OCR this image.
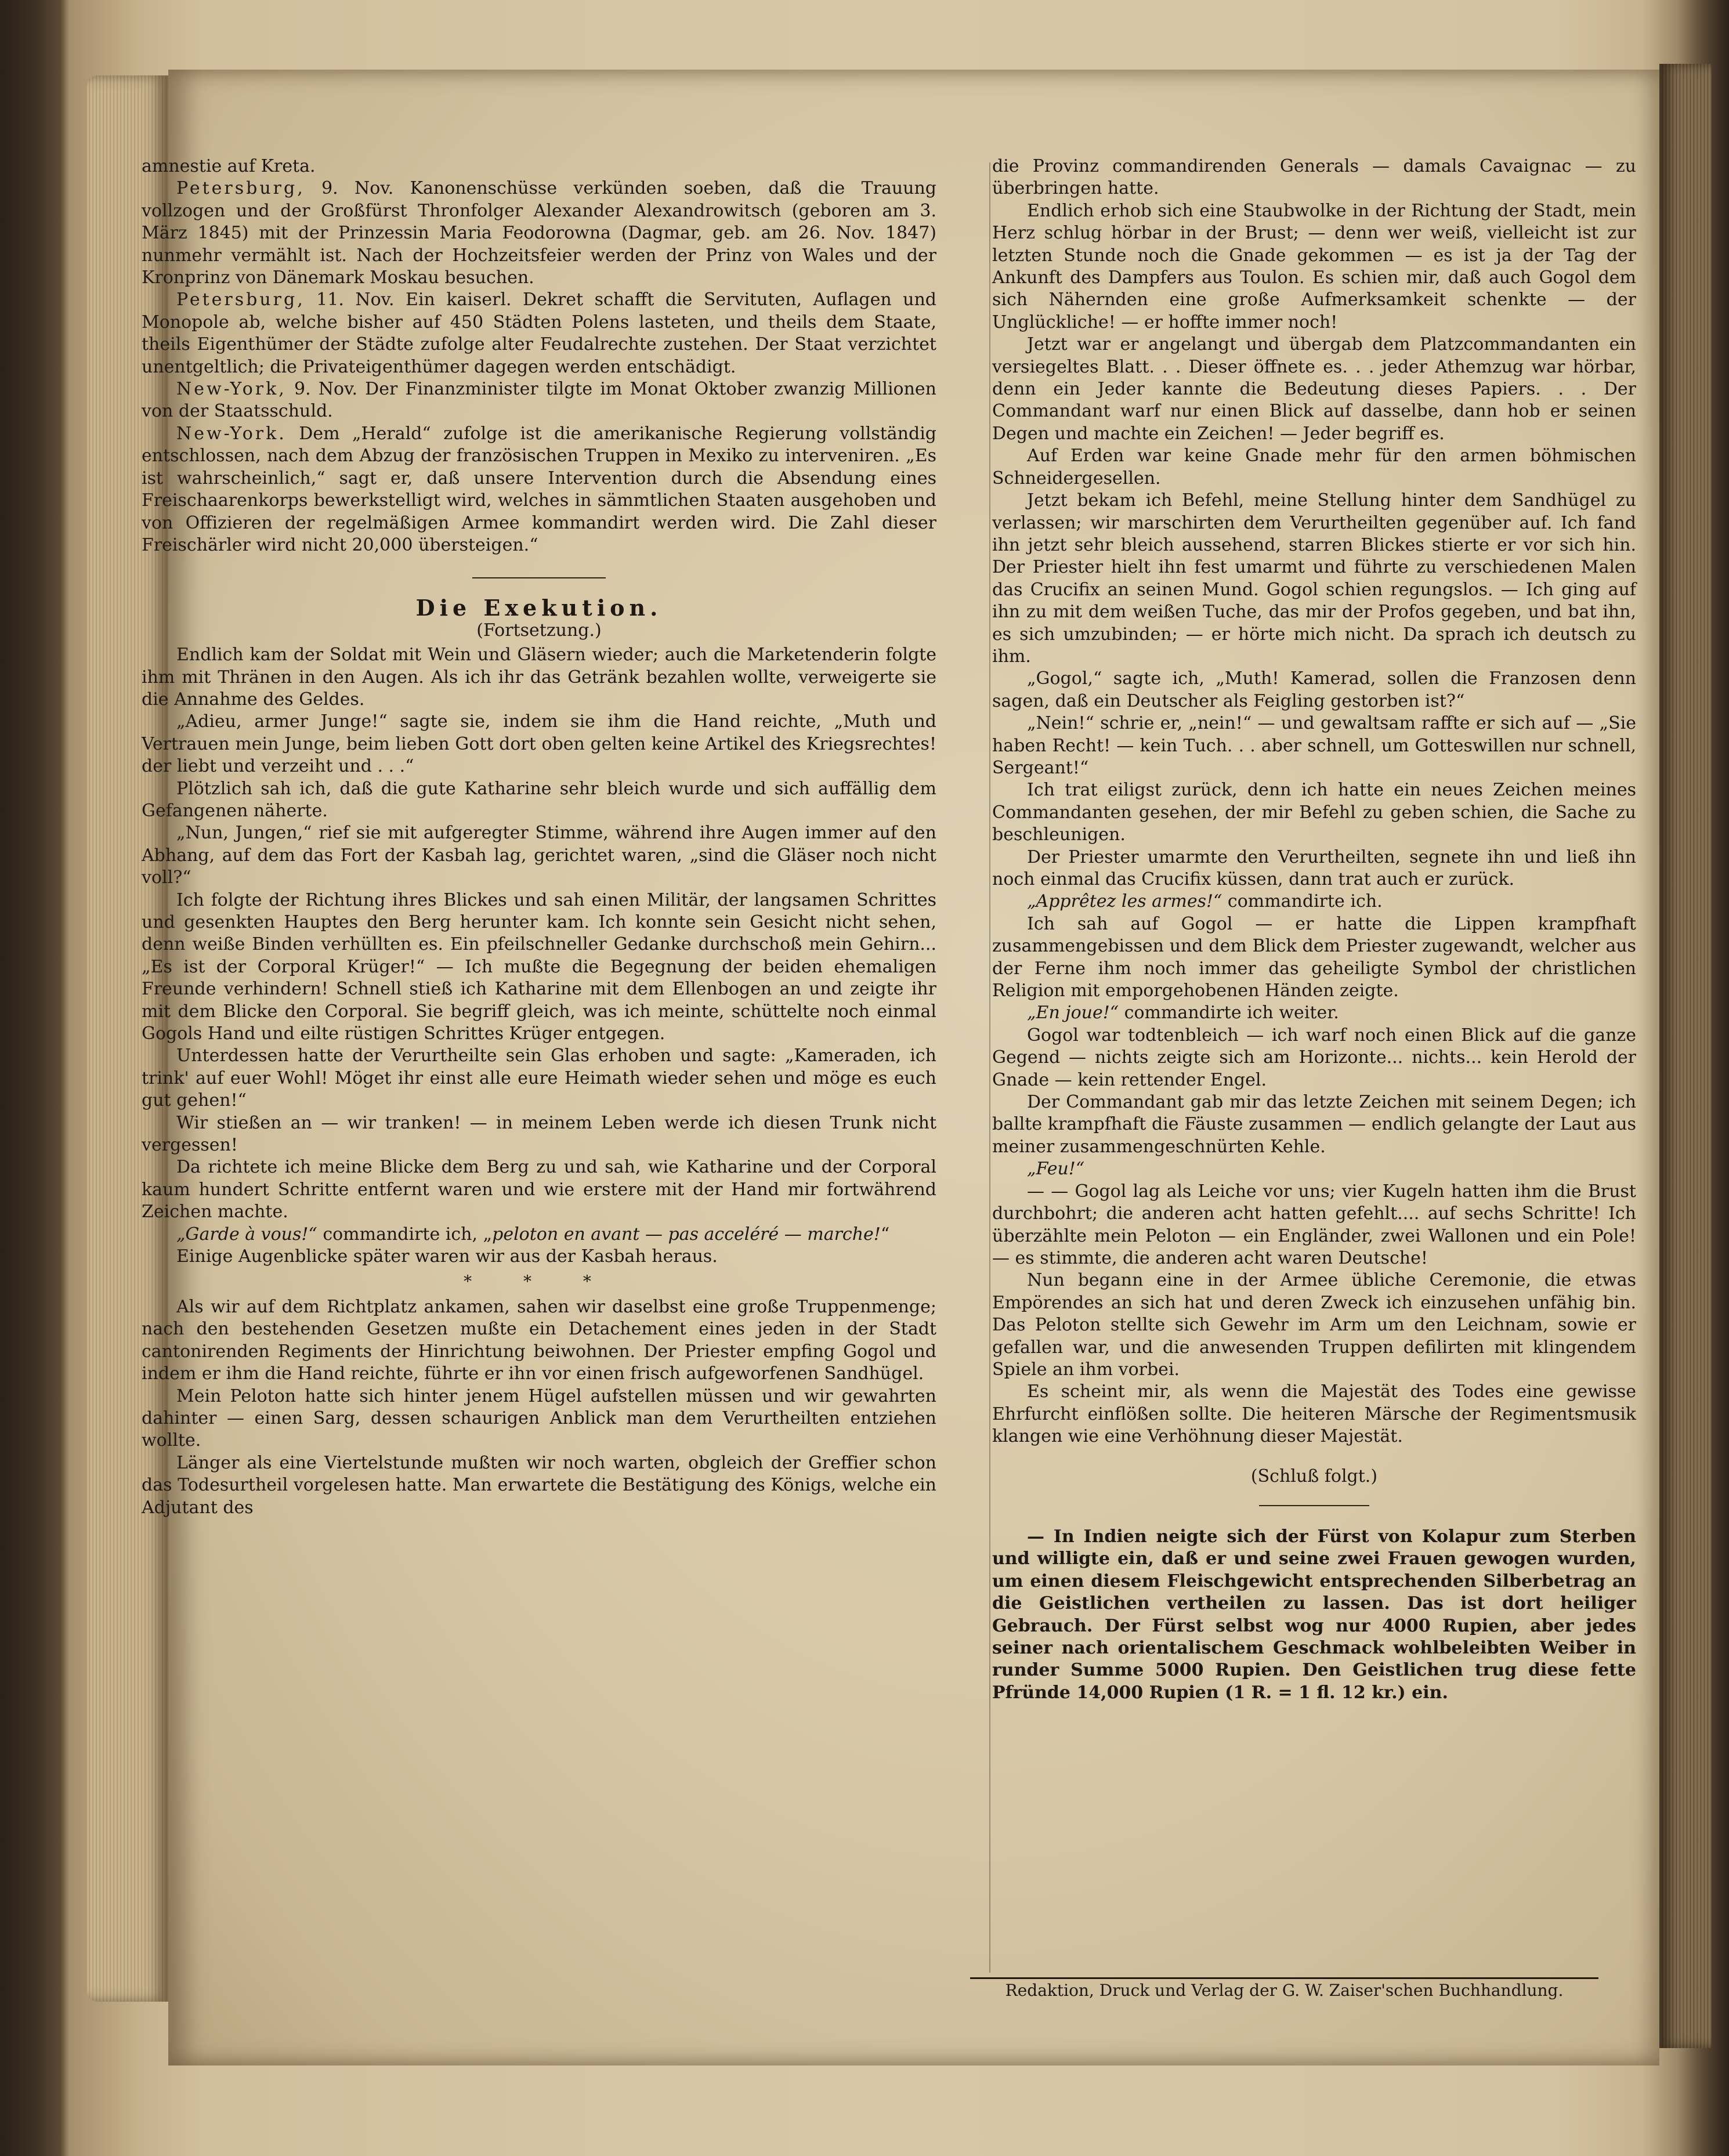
amnestie auf Kreta.

Petersburg, 9. Nov. Kanonenschüsse verkünden soeben, daß die Trauung vollzogen und der Großfürst Thronfolger Alexander Alexandrowitsch (geboren am 3. März 1845) mit der Prinzessin Maria Feodorowna (Dagmar, geb. am 26. Nov. 1847) nunmehr vermählt ist. Nach der Hochzeitsfeier werden der Prinz von Wales und der Kronprinz von Dänemark Moskau besuchen.

Petersburg, 11. Nov. Ein kaiserl. Dekret schafft die Servituten, Auflagen und Monopole ab, welche bisher auf 450 Städten Polens lasteten, und theils dem Staate, theils Eigenthümer der Städte zufolge alter Feudalrechte zustehen. Der Staat verzichtet unentgeltlich; die Privateigenthümer dagegen werden entschädigt.

New-York, 9. Nov. Der Finanzminister tilgte im Monat Oktober zwanzig Millionen von der Staatsschuld.

New-York. Dem „Herald“ zufolge ist die amerikanische Regierung vollständig entschlossen, nach dem Abzug der französischen Truppen in Mexiko zu interveniren. „Es ist wahrscheinlich,“ sagt er, daß unsere Intervention durch die Absendung eines Freischaarenkorps bewerkstelligt wird, welches in sämmtlichen Staaten ausgehoben und von Offizieren der regelmäßigen Armee kommandirt werden wird. Die Zahl dieser Freischärler wird nicht 20,000 übersteigen.“

Die Exekution.

(Fortsetzung.)

Endlich kam der Soldat mit Wein und Gläsern wieder; auch die Marketenderin folgte ihm mit Thränen in den Augen. Als ich ihr das Getränk bezahlen wollte, verweigerte sie die Annahme des Geldes.

„Adieu, armer Junge!“ sagte sie, indem sie ihm die Hand reichte, „Muth und Vertrauen mein Junge, beim lieben Gott dort oben gelten keine Artikel des Kriegsrechtes! der liebt und verzeiht und . . .“

Plötzlich sah ich, daß die gute Katharine sehr bleich wurde und sich auffällig dem Gefangenen näherte.

„Nun, Jungen,“ rief sie mit aufgeregter Stimme, während ihre Augen immer auf den Abhang, auf dem das Fort der Kasbah lag, gerichtet waren, „sind die Gläser noch nicht voll?“

Ich folgte der Richtung ihres Blickes und sah einen Militär, der langsamen Schrittes und gesenkten Hauptes den Berg herunter kam. Ich konnte sein Gesicht nicht sehen, denn weiße Binden verhüllten es. Ein pfeilschneller Gedanke durchschoß mein Gehirn... „Es ist der Corporal Krüger!“ — Ich mußte die Begegnung der beiden ehemaligen Freunde verhindern! Schnell stieß ich Katharine mit dem Ellenbogen an und zeigte ihr mit dem Blicke den Corporal. Sie begriff gleich, was ich meinte, schüttelte noch einmal Gogols Hand und eilte rüstigen Schrittes Krüger entgegen.

Unterdessen hatte der Verurtheilte sein Glas erhoben und sagte: „Kameraden, ich trink' auf euer Wohl! Möget ihr einst alle eure Heimath wieder sehen und möge es euch gut gehen!“

Wir stießen an — wir tranken! — in meinem Leben werde ich diesen Trunk nicht vergessen!

Da richtete ich meine Blicke dem Berg zu und sah, wie Katharine und der Corporal kaum hundert Schritte entfernt waren und wie erstere mit der Hand mir fortwährend Zeichen machte.

„Garde à vous!“ commandirte ich, „peloton en avant — pas acceléré — marche!“

Einige Augenblicke später waren wir aus der Kasbah heraus.

* * *

Als wir auf dem Richtplatz ankamen, sahen wir daselbst eine große Truppenmenge; nach den bestehenden Gesetzen mußte ein Detachement eines jeden in der Stadt cantonirenden Regiments der Hinrichtung beiwohnen. Der Priester empfing Gogol und indem er ihm die Hand reichte, führte er ihn vor einen frisch aufgeworfenen Sandhügel.

Mein Peloton hatte sich hinter jenem Hügel aufstellen müssen und wir gewahrten dahinter — einen Sarg, dessen schaurigen Anblick man dem Verurtheilten entziehen wollte.

Länger als eine Viertelstunde mußten wir noch warten, obgleich der Greffier schon das Todesurtheil vorgelesen hatte. Man erwartete die Bestätigung des Königs, welche ein Adjutant des

die Provinz commandirenden Generals — damals Cavaignac — zu überbringen hatte.

Endlich erhob sich eine Staubwolke in der Richtung der Stadt, mein Herz schlug hörbar in der Brust; — denn wer weiß, vielleicht ist zur letzten Stunde noch die Gnade gekommen — es ist ja der Tag der Ankunft des Dampfers aus Toulon. Es schien mir, daß auch Gogol dem sich Nähernden eine große Aufmerksamkeit schenkte — der Unglückliche! — er hoffte immer noch!

Jetzt war er angelangt und übergab dem Platzcommandanten ein versiegeltes Blatt. . . Dieser öffnete es. . . jeder Athemzug war hörbar, denn ein Jeder kannte die Bedeutung dieses Papiers. . . Der Commandant warf nur einen Blick auf dasselbe, dann hob er seinen Degen und machte ein Zeichen! — Jeder begriff es.

Auf Erden war keine Gnade mehr für den armen böhmischen Schneidergesellen.

Jetzt bekam ich Befehl, meine Stellung hinter dem Sandhügel zu verlassen; wir marschirten dem Verurtheilten gegenüber auf. Ich fand ihn jetzt sehr bleich aussehend, starren Blickes stierte er vor sich hin. Der Priester hielt ihn fest umarmt und führte zu verschiedenen Malen das Crucifix an seinen Mund. Gogol schien regungslos. — Ich ging auf ihn zu mit dem weißen Tuche, das mir der Profos gegeben, und bat ihn, es sich umzubinden; — er hörte mich nicht. Da sprach ich deutsch zu ihm.

„Gogol,“ sagte ich, „Muth! Kamerad, sollen die Franzosen denn sagen, daß ein Deutscher als Feigling gestorben ist?“

„Nein!“ schrie er, „nein!“ — und gewaltsam raffte er sich auf — „Sie haben Recht! — kein Tuch. . . aber schnell, um Gotteswillen nur schnell, Sergeant!“

Ich trat eiligst zurück, denn ich hatte ein neues Zeichen meines Commandanten gesehen, der mir Befehl zu geben schien, die Sache zu beschleunigen.

Der Priester umarmte den Verurtheilten, segnete ihn und ließ ihn noch einmal das Crucifix küssen, dann trat auch er zurück.

„Apprêtez les armes!“ commandirte ich.

Ich sah auf Gogol — er hatte die Lippen krampfhaft zusammengebissen und dem Blick dem Priester zugewandt, welcher aus der Ferne ihm noch immer das geheiligte Symbol der christlichen Religion mit emporgehobenen Händen zeigte.

„En joue!“ commandirte ich weiter.

Gogol war todtenbleich — ich warf noch einen Blick auf die ganze Gegend — nichts zeigte sich am Horizonte... nichts... kein Herold der Gnade — kein rettender Engel.

Der Commandant gab mir das letzte Zeichen mit seinem Degen; ich ballte krampfhaft die Fäuste zusammen — endlich gelangte der Laut aus meiner zusammengeschnürten Kehle.

„Feu!“

— — Gogol lag als Leiche vor uns; vier Kugeln hatten ihm die Brust durchbohrt; die anderen acht hatten gefehlt.... auf sechs Schritte! Ich überzählte mein Peloton — ein Engländer, zwei Wallonen und ein Pole! — es stimmte, die anderen acht waren Deutsche!

Nun begann eine in der Armee übliche Ceremonie, die etwas Empörendes an sich hat und deren Zweck ich einzusehen unfähig bin. Das Peloton stellte sich Gewehr im Arm um den Leichnam, sowie er gefallen war, und die anwesenden Truppen defilirten mit klingendem Spiele an ihm vorbei.

Es scheint mir, als wenn die Majestät des Todes eine gewisse Ehrfurcht einflößen sollte. Die heiteren Märsche der Regimentsmusik klangen wie eine Verhöhnung dieser Majestät.

(Schluß folgt.)

— In Indien neigte sich der Fürst von Kolapur zum Sterben und willigte ein, daß er und seine zwei Frauen gewogen wurden, um einen diesem Fleischgewicht entsprechenden Silberbetrag an die Geistlichen vertheilen zu lassen. Das ist dort heiliger Gebrauch. Der Fürst selbst wog nur 4000 Rupien, aber jedes seiner nach orientalischem Geschmack wohlbeleibten Weiber in runder Summe 5000 Rupien. Den Geistlichen trug diese fette Pfründe 14,000 Rupien (1 R. = 1 fl. 12 kr.) ein.

Redaktion, Druck und Verlag der G. W. Zaiser'schen Buchhandlung.
